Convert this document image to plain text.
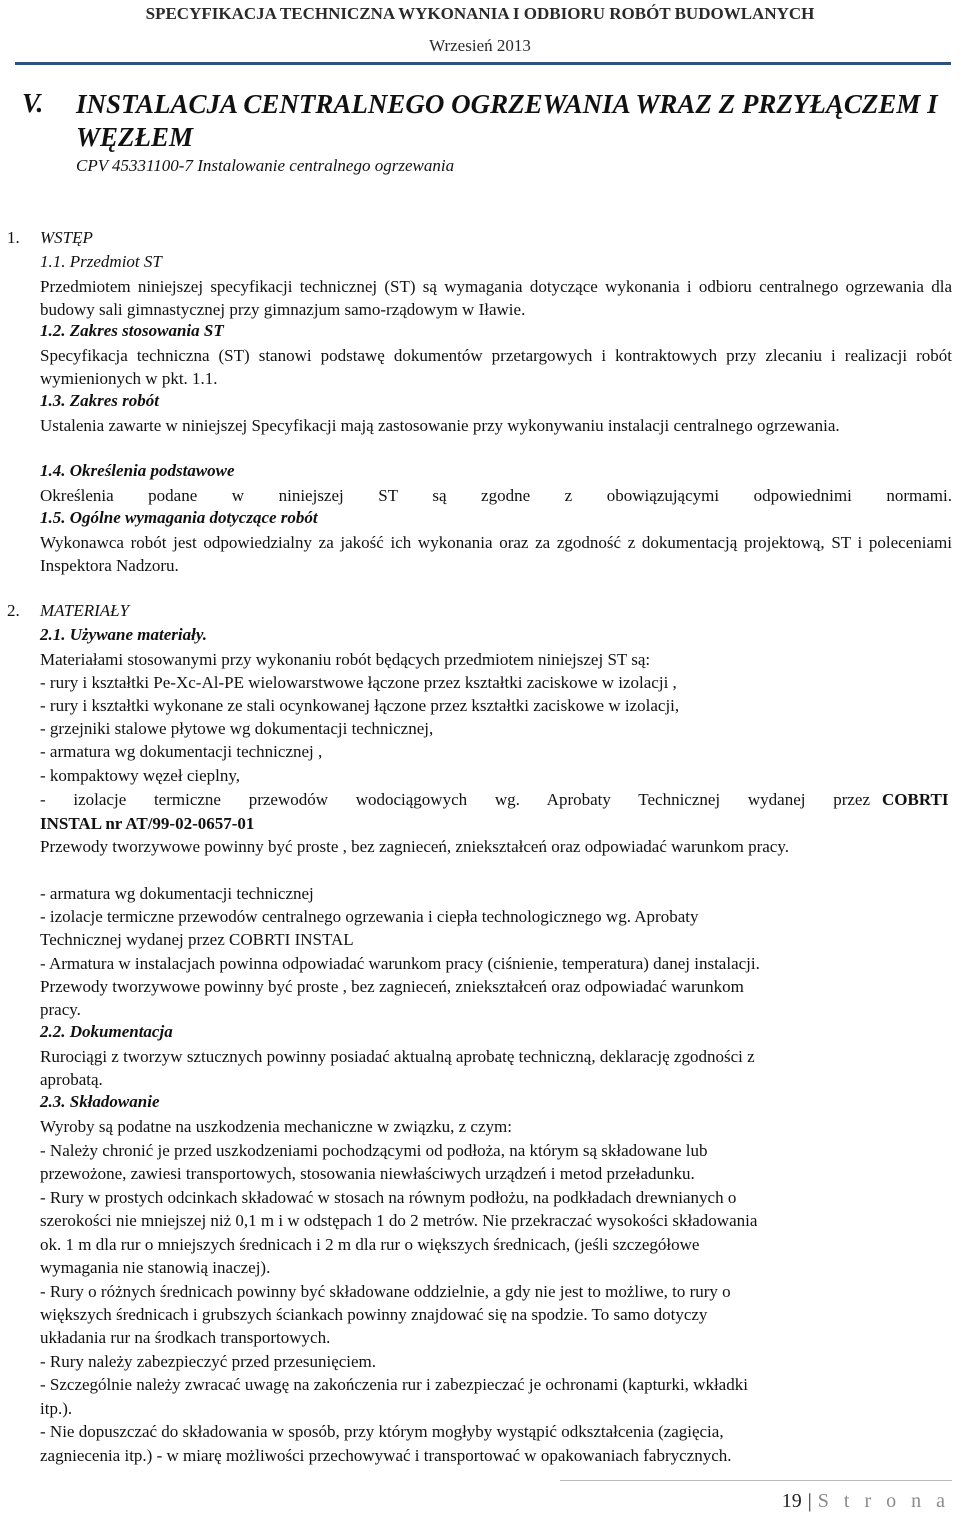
SPECYFIKACJA TECHNICZNA WYKONANIA I ODBIORU ROBÓT BUDOWLANYCH
Wrzesień 2013
V. INSTALACJA CENTRALNEGO OGRZEWANIA WRAZ Z PRZYŁĄCZEM I WĘZŁEM
CPV 45331100-7 Instalowanie centralnego ogrzewania
1. WSTĘP
1.1. Przedmiot ST
Przedmiotem niniejszej specyfikacji technicznej (ST) są wymagania dotyczące wykonania i odbioru centralnego ogrzewania dla budowy sali gimnastycznej przy gimnazjum samo-rządowym w Iławie.
1.2. Zakres stosowania ST
Specyfikacja techniczna (ST) stanowi podstawę dokumentów przetargowych i kontraktowych przy zlecaniu i realizacji robót wymienionych w pkt. 1.1.
1.3. Zakres robót
Ustalenia zawarte w niniejszej Specyfikacji mają zastosowanie przy wykonywaniu instalacji centralnego ogrzewania.
1.4. Określenia podstawowe
Określenia podane w niniejszej ST są zgodne z obowiązującymi odpowiednimi normami.
1.5. Ogólne wymagania dotyczące robót
Wykonawca robót jest odpowiedzialny za jakość ich wykonania oraz za zgodność z dokumentacją projektową, ST i poleceniami Inspektora Nadzoru.
2. MATERIAŁY
2.1. Używane materiały.
Materiałami stosowanymi przy wykonaniu robót będących przedmiotem niniejszej ST są:
- rury i kształtki Pe-Xc-Al-PE wielowarstwowe łączone przez kształtki zaciskowe w izolacji ,
- rury i kształtki wykonane ze stali ocynkowanej łączone przez kształtki zaciskowe w izolacji,
- grzejniki stalowe płytowe wg dokumentacji technicznej,
- armatura wg dokumentacji technicznej ,
- kompaktowy węzeł cieplny,
- izolacje termiczne przewodów wodociągowych wg. Aprobaty Technicznej wydanej przez COBRTI
INSTAL nr AT/99-02-0657-01
Przewody tworzywowe powinny być proste , bez zagnieceń, zniekształceń oraz odpowiadać warunkom pracy.
- armatura wg dokumentacji technicznej
- izolacje termiczne przewodów centralnego ogrzewania i ciepła technologicznego wg. Aprobaty
Technicznej wydanej przez COBRTI INSTAL
- Armatura w instalacjach powinna odpowiadać warunkom pracy (ciśnienie, temperatura) danej instalacji.
Przewody tworzywowe powinny być proste , bez zagnieceń, zniekształceń oraz odpowiadać warunkom
pracy.
2.2. Dokumentacja
Rurociągi z tworzyw sztucznych powinny posiadać aktualną aprobatę techniczną, deklarację zgodności z
aprobatą.
2.3. Składowanie
Wyroby są podatne na uszkodzenia mechaniczne w związku, z czym:
- Należy chronić je przed uszkodzeniami pochodzącymi od podłoża, na którym są składowane lub
przewożone, zawiesi transportowych, stosowania niewłaściwych urządzeń i metod przeładunku.
- Rury w prostych odcinkach składować w stosach na równym podłożu, na podkładach drewnianych o
szerokości nie mniejszej niż 0,1 m i w odstępach 1 do 2 metrów. Nie przekraczać wysokości składowania
ok. 1 m dla rur o mniejszych średnicach i 2 m dla rur o większych średnicach, (jeśli szczegółowe
wymagania nie stanowią inaczej).
- Rury o różnych średnicach powinny być składowane oddzielnie, a gdy nie jest to możliwe, to rury o
większych średnicach i grubszych ściankach powinny znajdować się na spodzie. To samo dotyczy
układania rur na środkach transportowych.
- Rury należy zabezpieczyć przed przesunięciem.
- Szczególnie należy zwracać uwagę na zakończenia rur i zabezpieczać je ochronami (kapturki, wkładki
itp.).
- Nie dopuszczać do składowania w sposób, przy którym mogłyby wystąpić odkształcenia (zagięcia,
zagniecenia itp.) - w miarę możliwości przechowywać i transportować w opakowaniach fabrycznych.
19 | S t r o n a
